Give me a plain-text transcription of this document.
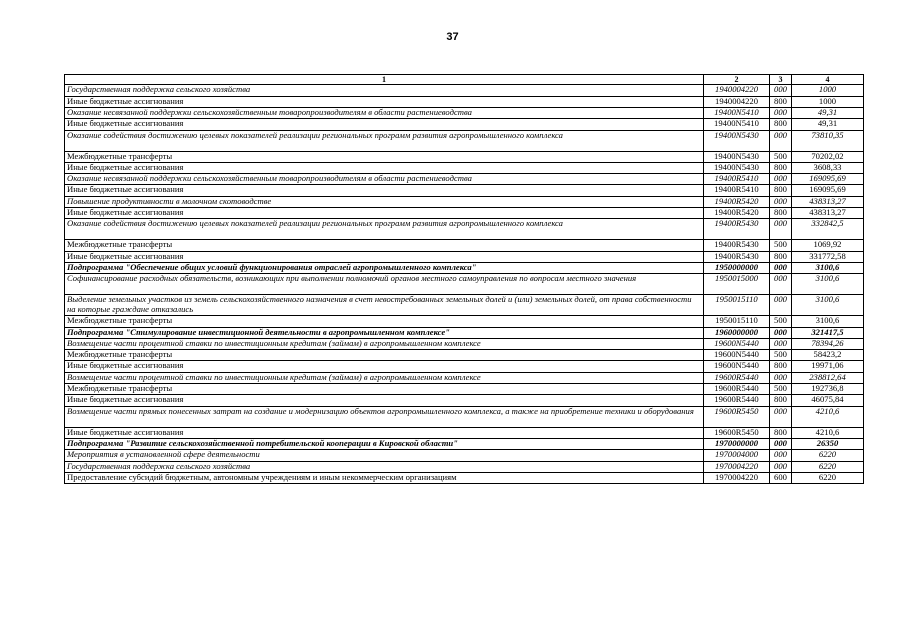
37
1	2	3	4
Государственная поддержка сельского хозяйства	1940004220	000	1000
Иные бюджетные ассигнования	1940004220	800	1000
Оказание несвязанной поддержки сельскохозяйственным товаропроизводителям в области растениеводства	19400N5410	000	49,31
Иные бюджетные ассигнования	19400N5410	800	49,31
Оказание содействия достижению целевых показателей реализации региональных программ развития агропромышленного комплекса	19400N5430	000	73810,35
Межбюджетные трансферты	19400N5430	500	70202,02
Иные бюджетные ассигнования	19400N5430	800	3608,33
Оказание несвязанной поддержки сельскохозяйственным товаропроизводителям в области растениеводства	19400R5410	000	169095,69
Иные бюджетные ассигнования	19400R5410	800	169095,69
Повышение продуктивности в молочном скотоводстве	19400R5420	000	438313,27
Иные бюджетные ассигнования	19400R5420	800	438313,27
Оказание содействия достижению целевых показателей реализации региональных программ развития агропромышленного комплекса	19400R5430	000	332842,5
Межбюджетные трансферты	19400R5430	500	1069,92
Иные бюджетные ассигнования	19400R5430	800	331772,58
Подпрограмма "Обеспечение общих условий функционирования отраслей агропромышленного комплекса"	1950000000	000	3100,6
Софинансирование расходных обязательств, возникающих при выполнении полномочий органов местного самоуправления по вопросам местного значения	1950015000	000	3100,6
Выделение земельных участков из земель сельскохозяйственного назначения в счет невостребованных земельных долей и (или) земельных долей, от права собственности на которые граждане отказались	1950015110	000	3100,6
Межбюджетные трансферты	1950015110	500	3100,6
Подпрограмма "Стимулирование инвестиционной деятельности в агропромышленном комплексе"	1960000000	000	321417,5
Возмещение части процентной ставки по инвестиционным кредитам (займам) в агропромышленном комплексе	19600N5440	000	78394,26
Межбюджетные трансферты	19600N5440	500	58423,2
Иные бюджетные ассигнования	19600N5440	800	19971,06
Возмещение части процентной ставки по инвестиционным кредитам (займам) в агропромышленном комплексе	19600R5440	000	238812,64
Межбюджетные трансферты	19600R5440	500	192736,8
Иные бюджетные ассигнования	19600R5440	800	46075,84
Возмещение части прямых понесенных затрат на создание и модернизацию объектов агропромышленного комплекса, а также на приобретение техники и оборудования	19600R5450	000	4210,6
Иные бюджетные ассигнования	19600R5450	800	4210,6
Подпрограмма "Развитие сельскохозяйственной потребительской кооперации в Кировской области"	1970000000	000	26350
Мероприятия в установленной сфере деятельности	1970004000	000	6220
Государственная поддержка сельского хозяйства	1970004220	000	6220
Предоставление субсидий бюджетным, автономным учреждениям и иным некоммерческим организациям	1970004220	600	6220
